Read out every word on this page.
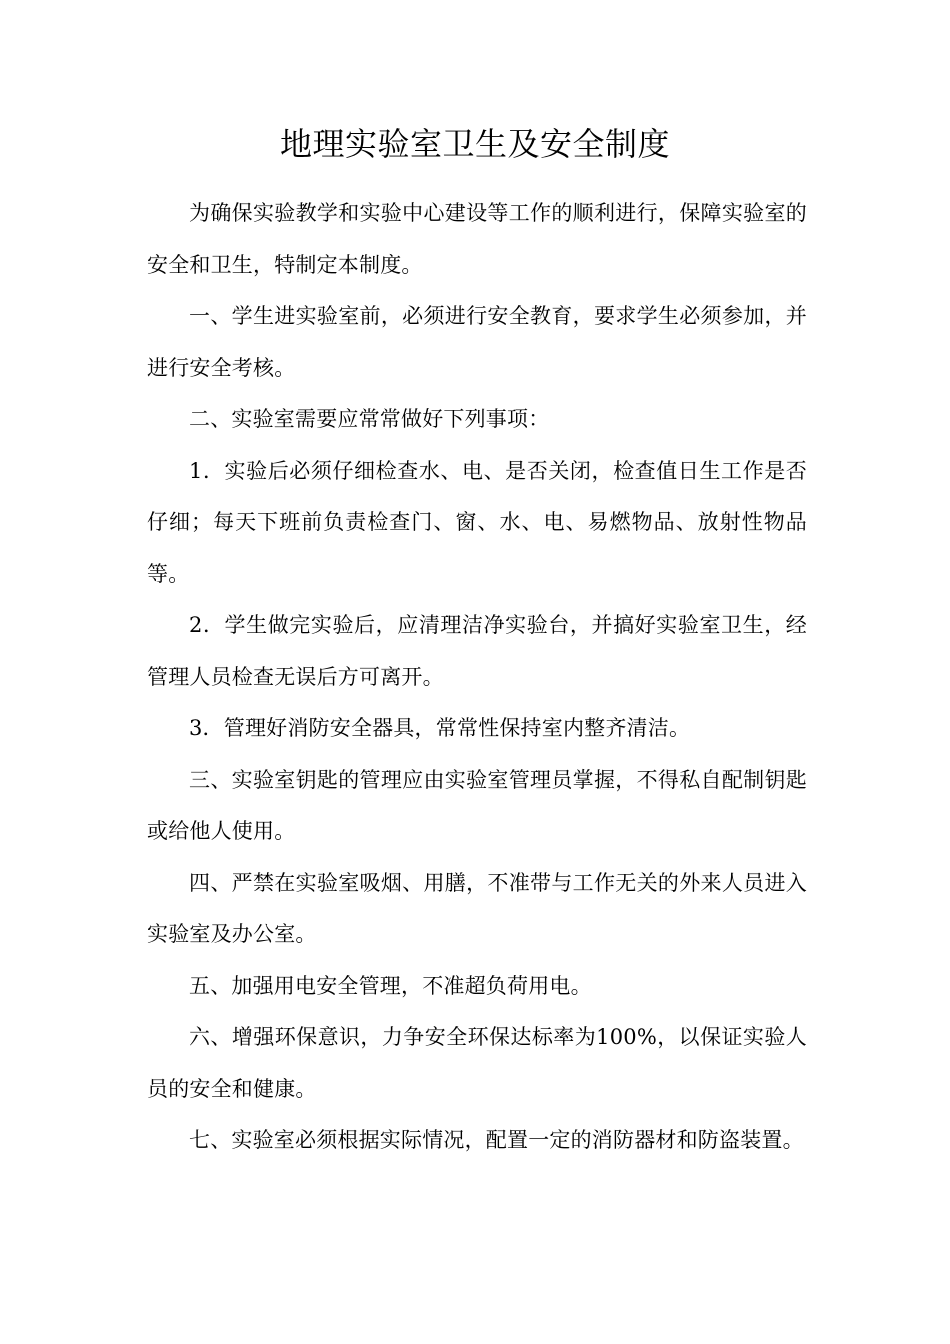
地理实验室卫生及安全制度

为确保实验教学和实验中心建设等工作的顺利进行，保障实验室的安全和卫生，特制定本制度。

一、学生进实验室前，必须进行安全教育，要求学生必须参加，并进行安全考核。

二、实验室需要应常常做好下列事项：

1．实验后必须仔细检查水、电、是否关闭，检查值日生工作是否仔细；每天下班前负责检查门、窗、水、电、易燃物品、放射性物品等。

2．学生做完实验后，应清理洁净实验台，并搞好实验室卫生，经管理人员检查无误后方可离开。

3．管理好消防安全器具，常常性保持室内整齐清洁。

三、实验室钥匙的管理应由实验室管理员掌握，不得私自配制钥匙或给他人使用。

四、严禁在实验室吸烟、用膳，不准带与工作无关的外来人员进入实验室及办公室。

五、加强用电安全管理，不准超负荷用电。

六、增强环保意识，力争安全环保达标率为100%，以保证实验人员的安全和健康。

七、实验室必须根据实际情况，配置一定的消防器材和防盗装置。
